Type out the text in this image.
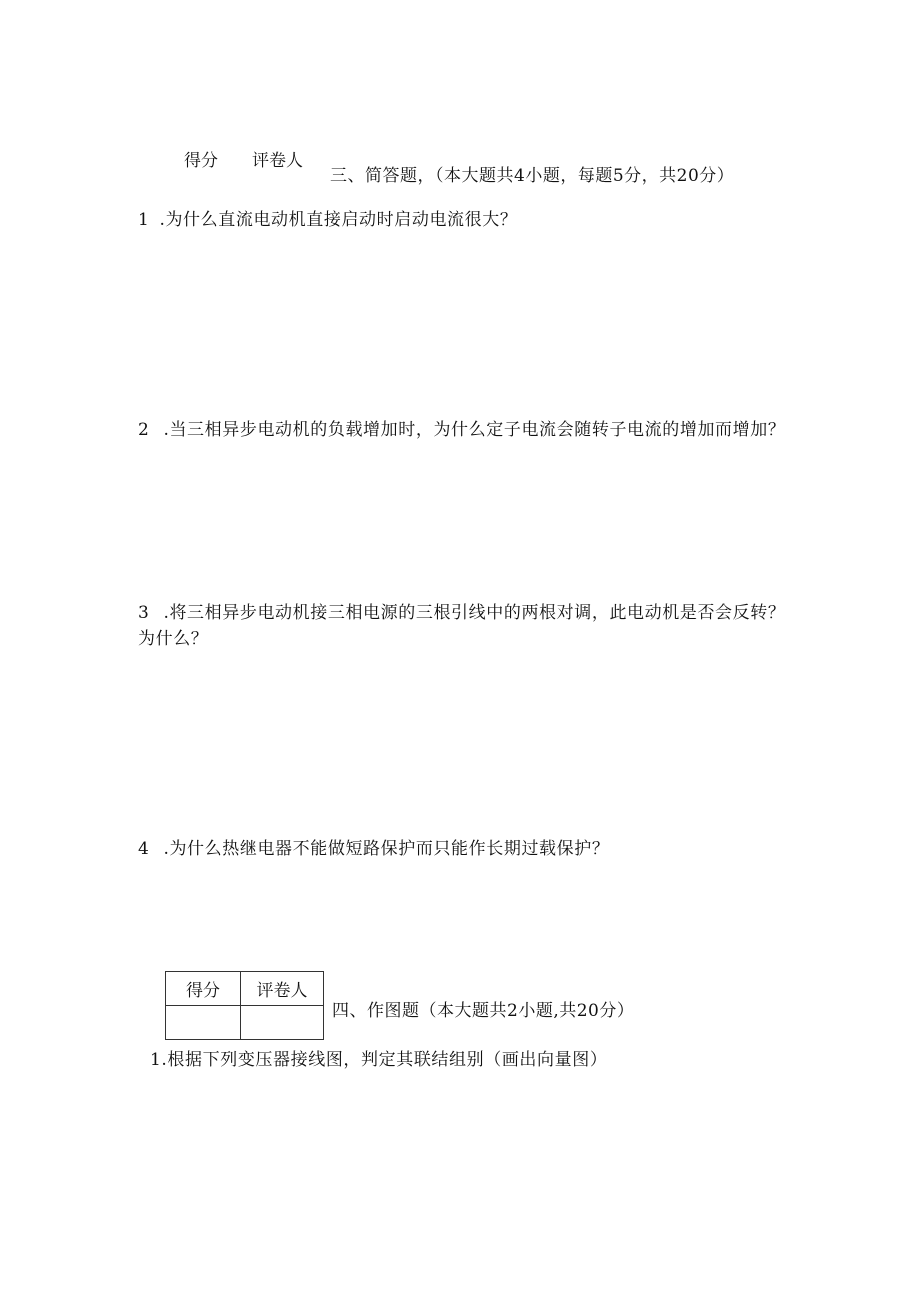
得分 评卷人
三、简答题，（本大题共4小题，每题5分，共20分）
1 .为什么直流电动机直接启动时启动电流很大？
2 .当三相异步电动机的负载增加时，为什么定子电流会随转子电流的增加而增加？
3 .将三相异步电动机接三相电源的三根引线中的两根对调，此电动机是否会反转？
为什么？
4 .为什么热继电器不能做短路保护而只能作长期过载保护？
得分	评卷人

四、作图题（本大题共2小题,共20分）
1.根据下列变压器接线图，判定其联结组别（画出向量图）
